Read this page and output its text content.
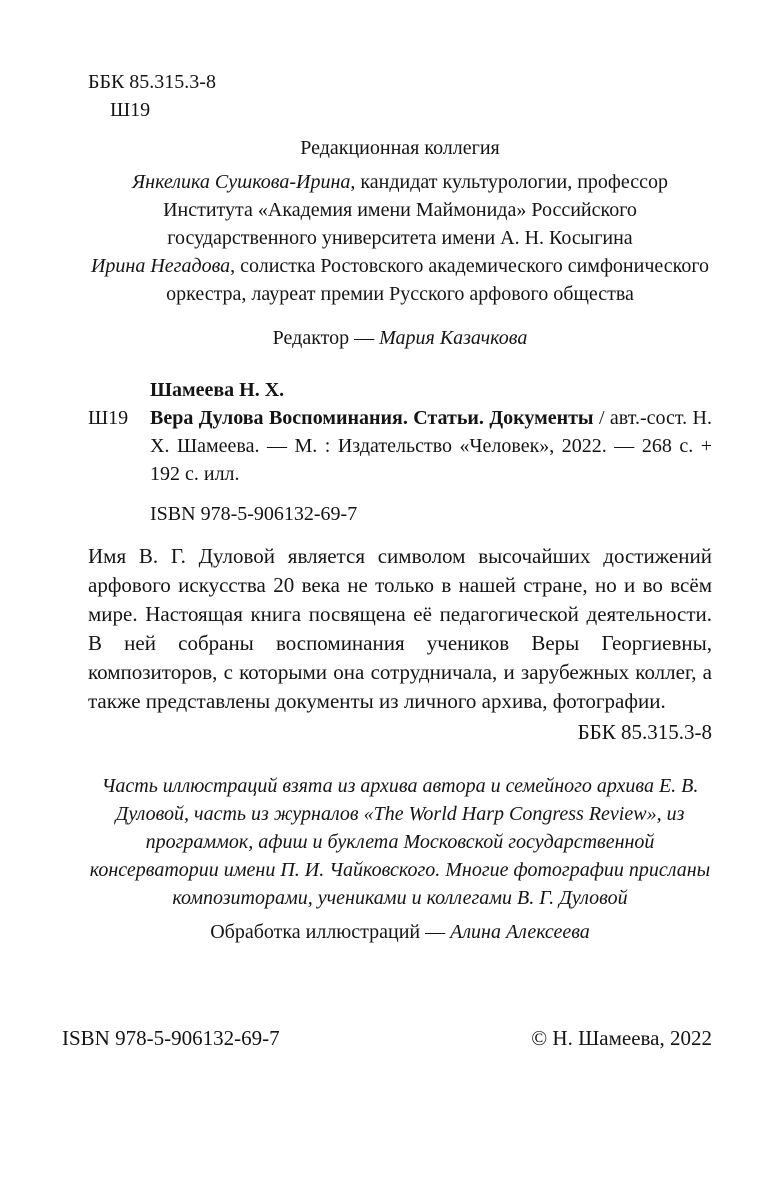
ББК 85.315.3-8
Ш19
Редакционная коллегия
Янкелика Сушкова-Ирина, кандидат культурологии, профессор Института «Академия имени Маймонида» Российского государственного университета имени А. Н. Косыгина
Ирина Негадова, солистка Ростовского академического симфонического оркестра, лауреат премии Русского арфового общества
Редактор — Мария Казачкова
Шамеева Н. Х.
Ш19 Вера Дулова Воспоминания. Статьи. Документы / авт.-сост. Н. Х. Шамеева. — М. : Издательство «Человек», 2022. — 268 с. + 192 с. илл.
ISBN 978-5-906132-69-7
Имя В. Г. Дуловой является символом высочайших достижений арфового искусства 20 века не только в нашей стране, но и во всём мире. Настоящая книга посвящена её педагогической деятельности. В ней собраны воспоминания учеников Веры Георгиевны, композиторов, с которыми она сотрудничала, и зарубежных коллег, а также представлены документы из личного архива, фотографии.
ББК 85.315.3-8
Часть иллюстраций взята из архива автора и семейного архива Е. В. Дуловой, часть из журналов «The World Harp Congress Review», из программок, афиш и буклета Московской государственной консерватории имени П. И. Чайковского. Многие фотографии присланы композиторами, учениками и коллегами В. Г. Дуловой
Обработка иллюстраций — Алина Алексеева
ISBN 978-5-906132-69-7	© Н. Шамеева, 2022
